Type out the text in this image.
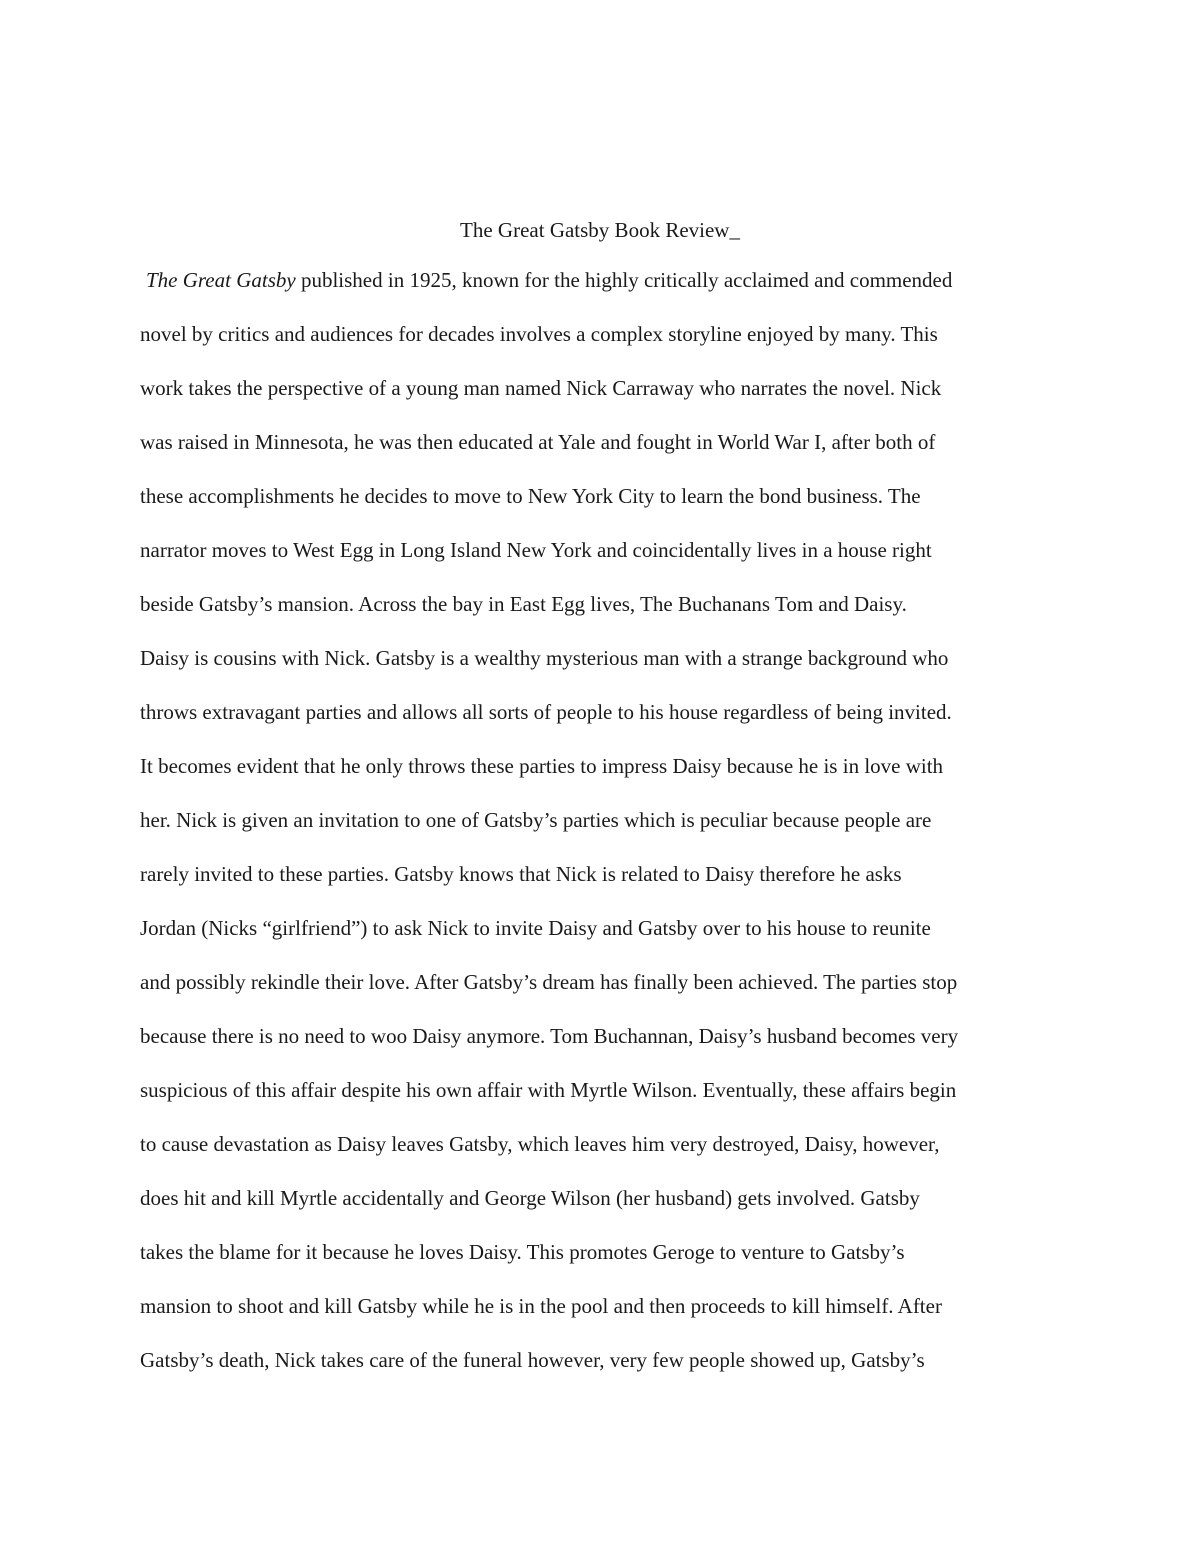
The Great Gatsby Book Review_
The Great Gatsby published in 1925, known for the highly critically acclaimed and commended
novel by critics and audiences for decades involves a complex storyline enjoyed by many. This
work takes the perspective of a young man named Nick Carraway who narrates the novel. Nick
was raised in Minnesota, he was then educated at Yale and fought in World War I, after both of
these accomplishments he decides to move to New York City to learn the bond business. The
narrator moves to West Egg in Long Island New York and coincidentally lives in a house right
beside Gatsby’s mansion. Across the bay in East Egg lives, The Buchanans Tom and Daisy.
Daisy is cousins with Nick. Gatsby is a wealthy mysterious man with a strange background who
throws extravagant parties and allows all sorts of people to his house regardless of being invited.
It becomes evident that he only throws these parties to impress Daisy because he is in love with
her. Nick is given an invitation to one of Gatsby’s parties which is peculiar because people are
rarely invited to these parties. Gatsby knows that Nick is related to Daisy therefore he asks
Jordan (Nicks “girlfriend”) to ask Nick to invite Daisy and Gatsby over to his house to reunite
and possibly rekindle their love. After Gatsby’s dream has finally been achieved. The parties stop
because there is no need to woo Daisy anymore. Tom Buchannan, Daisy’s husband becomes very
suspicious of this affair despite his own affair with Myrtle Wilson. Eventually, these affairs begin
to cause devastation as Daisy leaves Gatsby, which leaves him very destroyed, Daisy, however,
does hit and kill Myrtle accidentally and George Wilson (her husband) gets involved. Gatsby
takes the blame for it because he loves Daisy. This promotes Geroge to venture to Gatsby’s
mansion to shoot and kill Gatsby while he is in the pool and then proceeds to kill himself. After
Gatsby’s death, Nick takes care of the funeral however, very few people showed up, Gatsby’s
